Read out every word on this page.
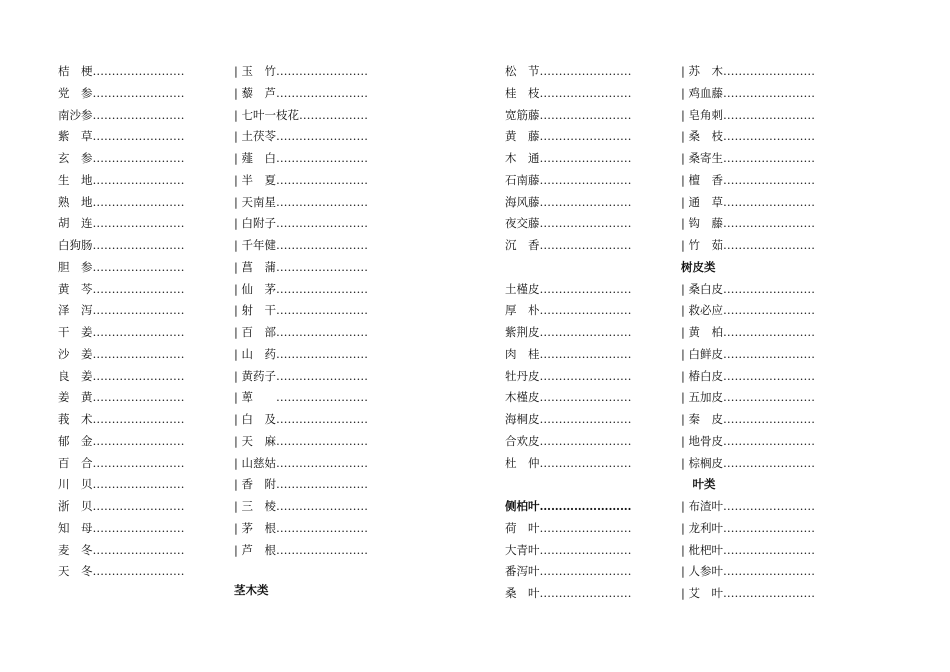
桔　梗……………………
党　参……………………
南沙参……………………
紫　草……………………
玄　参……………………
生　地……………………
熟　地……………………
胡　连……………………
白狗肠……………………
胆　参……………………
黄　芩……………………
泽　泻……………………
干　姜……………………
沙　姜……………………
良　姜……………………
姜　黄……………………
莪　术……………………
郁　金……………………
百　合……………………
川　贝……………………
浙　贝……………………
知　母……………………
麦　冬……………………
天　冬……………………
| 玉　竹……………………
| 藜　芦……………………
| 七叶一枝花………………
| 土茯苓……………………
| 薤　白……………………
| 半　夏……………………
| 天南星……………………
| 白附子……………………
| 千年健……………………
| 菖　蒲……………………
| 仙　茅……………………
| 射　干……………………
| 百　部……………………
| 山　药……………………
| 黄药子……………………
| 萆　　……………………
| 白　及……………………
| 天　麻……………………
| 山慈姑……………………
| 香　附……………………
| 三　棱……………………
| 茅　根……………………
| 芦　根……………………
松　节……………………
桂　枝……………………
宽筋藤……………………
黄　藤……………………
木　通……………………
石南藤……………………
海风藤……………………
夜交藤……………………
沉　香……………………
土槿皮……………………
厚　朴……………………
紫荆皮……………………
肉　桂……………………
牡丹皮……………………
木槿皮……………………
海桐皮……………………
合欢皮……………………
杜　仲……………………
侧柏叶……………………
荷　叶……………………
大青叶……………………
番泻叶……………………
桑　叶……………………
| 苏　木……………………
| 鸡血藤……………………
| 皂角刺……………………
| 桑　枝……………………
| 桑寄生……………………
| 檀　香……………………
| 通　草……………………
| 钩　藤……………………
| 竹　茹……………………
树皮类
| 桑白皮……………………
| 救必应……………………
| 黄　柏……………………
| 白鲜皮……………………
| 椿白皮……………………
| 五加皮……………………
| 秦　皮……………………
| 地骨皮……………………
| 棕榈皮……………………
　叶类
| 布渣叶……………………
| 龙利叶……………………
| 枇杷叶……………………
| 人参叶……………………
| 艾　叶……………………
茎木类
